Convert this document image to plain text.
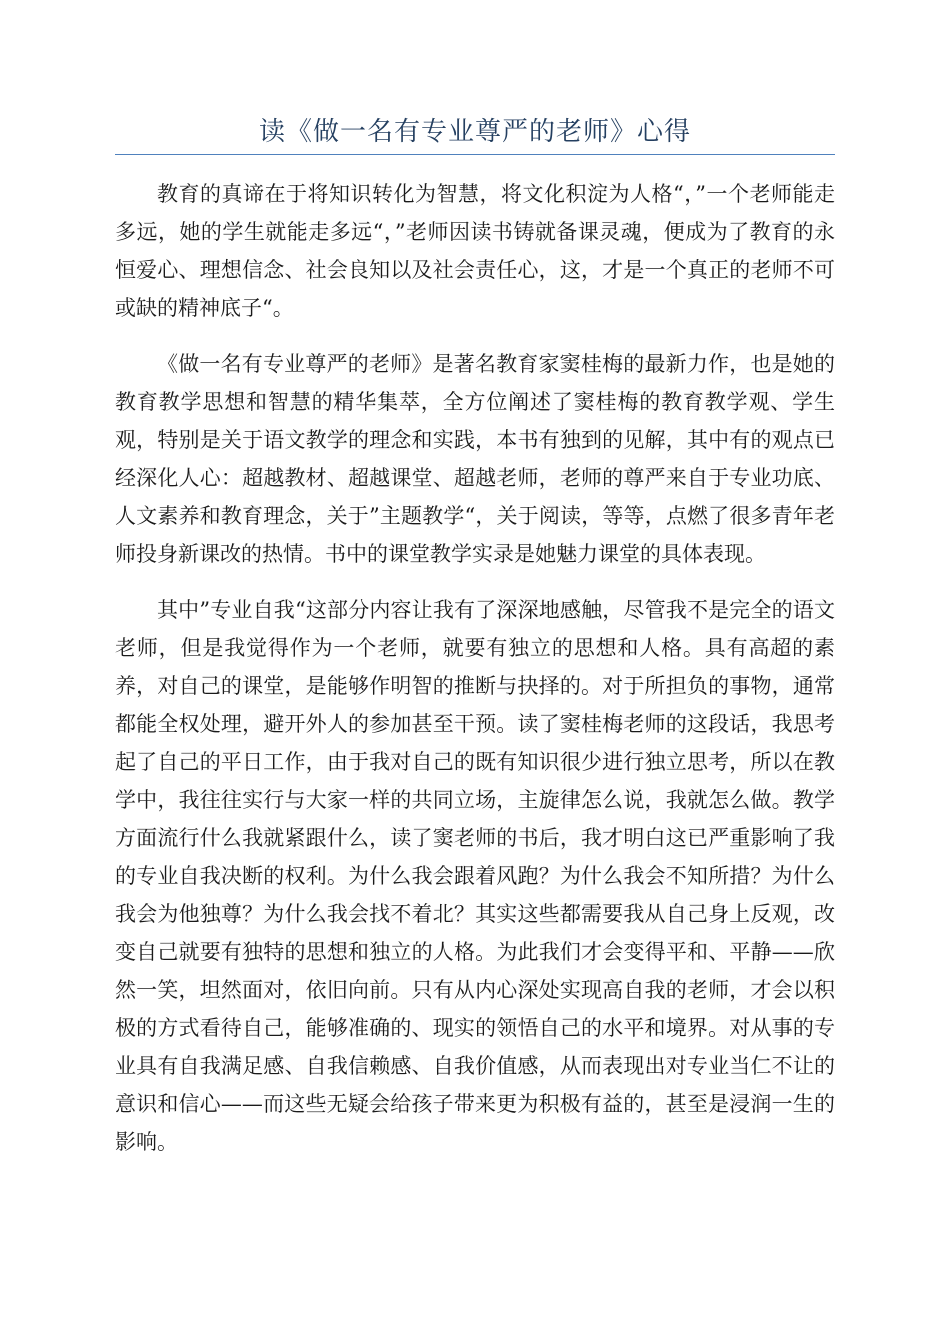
读《做一名有专业尊严的老师》心得

教育的真谛在于将知识转化为智慧，将文化积淀为人格“，”一个老师能走多远，她的学生就能走多远“，”老师因读书铸就备课灵魂，便成为了教育的永恒爱心、理想信念、社会良知以及社会责任心，这，才是一个真正的老师不可或缺的精神底子“。

《做一名有专业尊严的老师》是著名教育家窦桂梅的最新力作，也是她的教育教学思想和智慧的精华集萃，全方位阐述了窦桂梅的教育教学观、学生观，特别是关于语文教学的理念和实践，本书有独到的见解，其中有的观点已经深化人心：超越教材、超越课堂、超越老师，老师的尊严来自于专业功底、人文素养和教育理念，关于”主题教学“，关于阅读，等等，点燃了很多青年老师投身新课改的热情。书中的课堂教学实录是她魅力课堂的具体表现。

其中”专业自我“这部分内容让我有了深深地感触，尽管我不是完全的语文老师，但是我觉得作为一个老师，就要有独立的思想和人格。具有高超的素养，对自己的课堂，是能够作明智的推断与抉择的。对于所担负的事物，通常都能全权处理，避开外人的参加甚至干预。读了窦桂梅老师的这段话，我思考起了自己的平日工作，由于我对自己的既有知识很少进行独立思考，所以在教学中，我往往实行与大家一样的共同立场，主旋律怎么说，我就怎么做。教学方面流行什么我就紧跟什么，读了窦老师的书后，我才明白这已严重影响了我的专业自我决断的权利。为什么我会跟着风跑？为什么我会不知所措？为什么我会为他独尊？为什么我会找不着北？其实这些都需要我从自己身上反观，改变自己就要有独特的思想和独立的人格。为此我们才会变得平和、平静——欣然一笑，坦然面对，依旧向前。只有从内心深处实现高自我的老师，才会以积极的方式看待自己，能够准确的、现实的领悟自己的水平和境界。对从事的专业具有自我满足感、自我信赖感、自我价值感，从而表现出对专业当仁不让的意识和信心——而这些无疑会给孩子带来更为积极有益的，甚至是浸润一生的影响。
